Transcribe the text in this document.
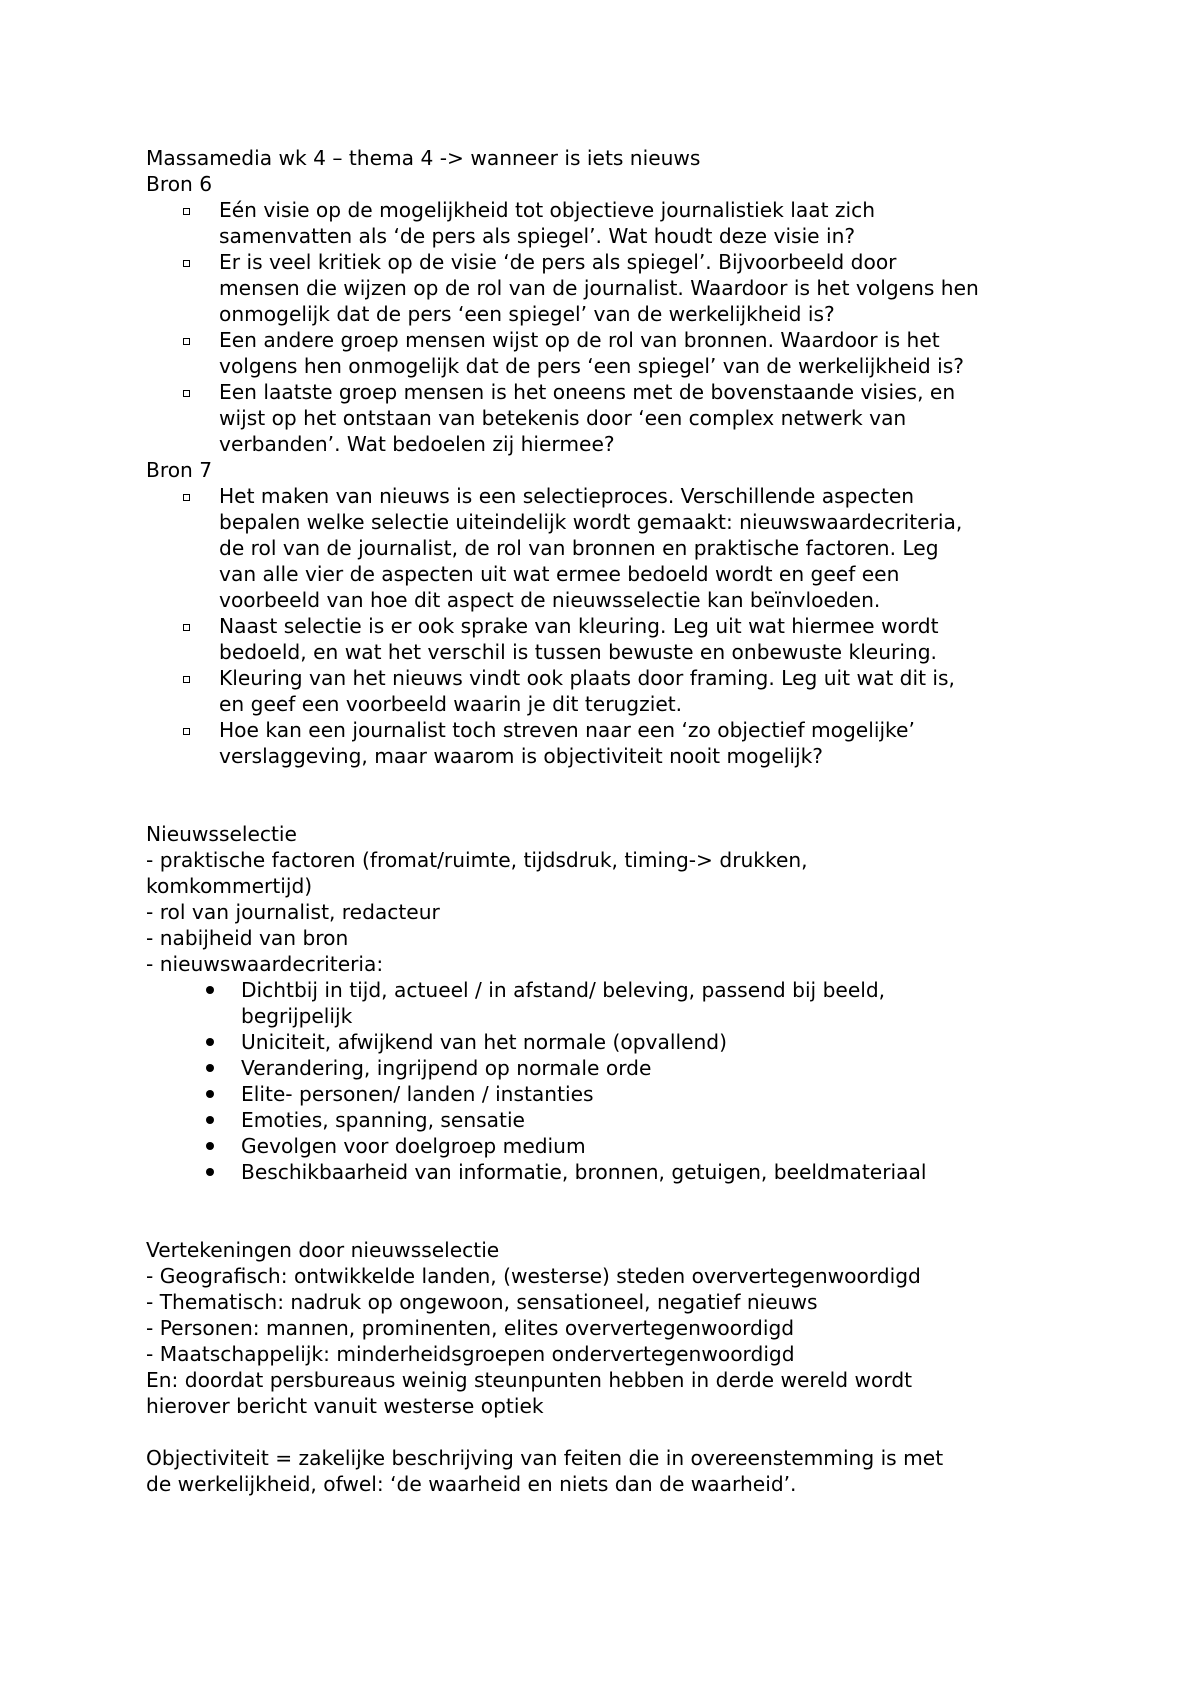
Massamedia wk 4 – thema 4 -> wanneer is iets nieuws

Bron 6

Eén visie op de mogelijkheid tot objectieve journalistiek laat zich
samenvatten als ‘de pers als spiegel’. Wat houdt deze visie in?
Er is veel kritiek op de visie ‘de pers als spiegel’. Bijvoorbeeld door
mensen die wijzen op de rol van de journalist. Waardoor is het volgens hen
onmogelijk dat de pers ‘een spiegel’ van de werkelijkheid is?
Een andere groep mensen wijst op de rol van bronnen. Waardoor is het
volgens hen onmogelijk dat de pers ‘een spiegel’ van de werkelijkheid is?
Een laatste groep mensen is het oneens met de bovenstaande visies, en
wijst op het ontstaan van betekenis door ‘een complex netwerk van
verbanden’. Wat bedoelen zij hiermee?

Bron 7

Het maken van nieuws is een selectieproces. Verschillende aspecten
bepalen welke selectie uiteindelijk wordt gemaakt: nieuwswaardecriteria,
de rol van de journalist, de rol van bronnen en praktische factoren. Leg
van alle vier de aspecten uit wat ermee bedoeld wordt en geef een
voorbeeld van hoe dit aspect de nieuwsselectie kan beïnvloeden.
Naast selectie is er ook sprake van kleuring. Leg uit wat hiermee wordt
bedoeld, en wat het verschil is tussen bewuste en onbewuste kleuring.
Kleuring van het nieuws vindt ook plaats door framing. Leg uit wat dit is,
en geef een voorbeeld waarin je dit terugziet.
Hoe kan een journalist toch streven naar een ‘zo objectief mogelijke’
verslaggeving, maar waarom is objectiviteit nooit mogelijk?

Nieuwsselectie

- praktische factoren (fromat/ruimte, tijdsdruk, timing-> drukken,
komkommertijd)

- rol van journalist, redacteur

- nabijheid van bron

- nieuwswaardecriteria:

Dichtbij in tijd, actueel / in afstand/ beleving, passend bij beeld,
begrijpelijk
Uniciteit, afwijkend van het normale (opvallend)
Verandering, ingrijpend op normale orde
Elite- personen/ landen / instanties
Emoties, spanning, sensatie
Gevolgen voor doelgroep medium
Beschikbaarheid van informatie, bronnen, getuigen, beeldmateriaal

Vertekeningen door nieuwsselectie

- Geografisch: ontwikkelde landen, (westerse) steden oververtegenwoordigd

- Thematisch: nadruk op ongewoon, sensationeel, negatief nieuws

- Personen: mannen, prominenten, elites oververtegenwoordigd

- Maatschappelijk: minderheidsgroepen ondervertegenwoordigd

En: doordat persbureaus weinig steunpunten hebben in derde wereld wordt
hierover bericht vanuit westerse optiek

Objectiviteit = zakelijke beschrijving van feiten die in overeenstemming is met
de werkelijkheid, ofwel: ‘de waarheid en niets dan de waarheid’.
